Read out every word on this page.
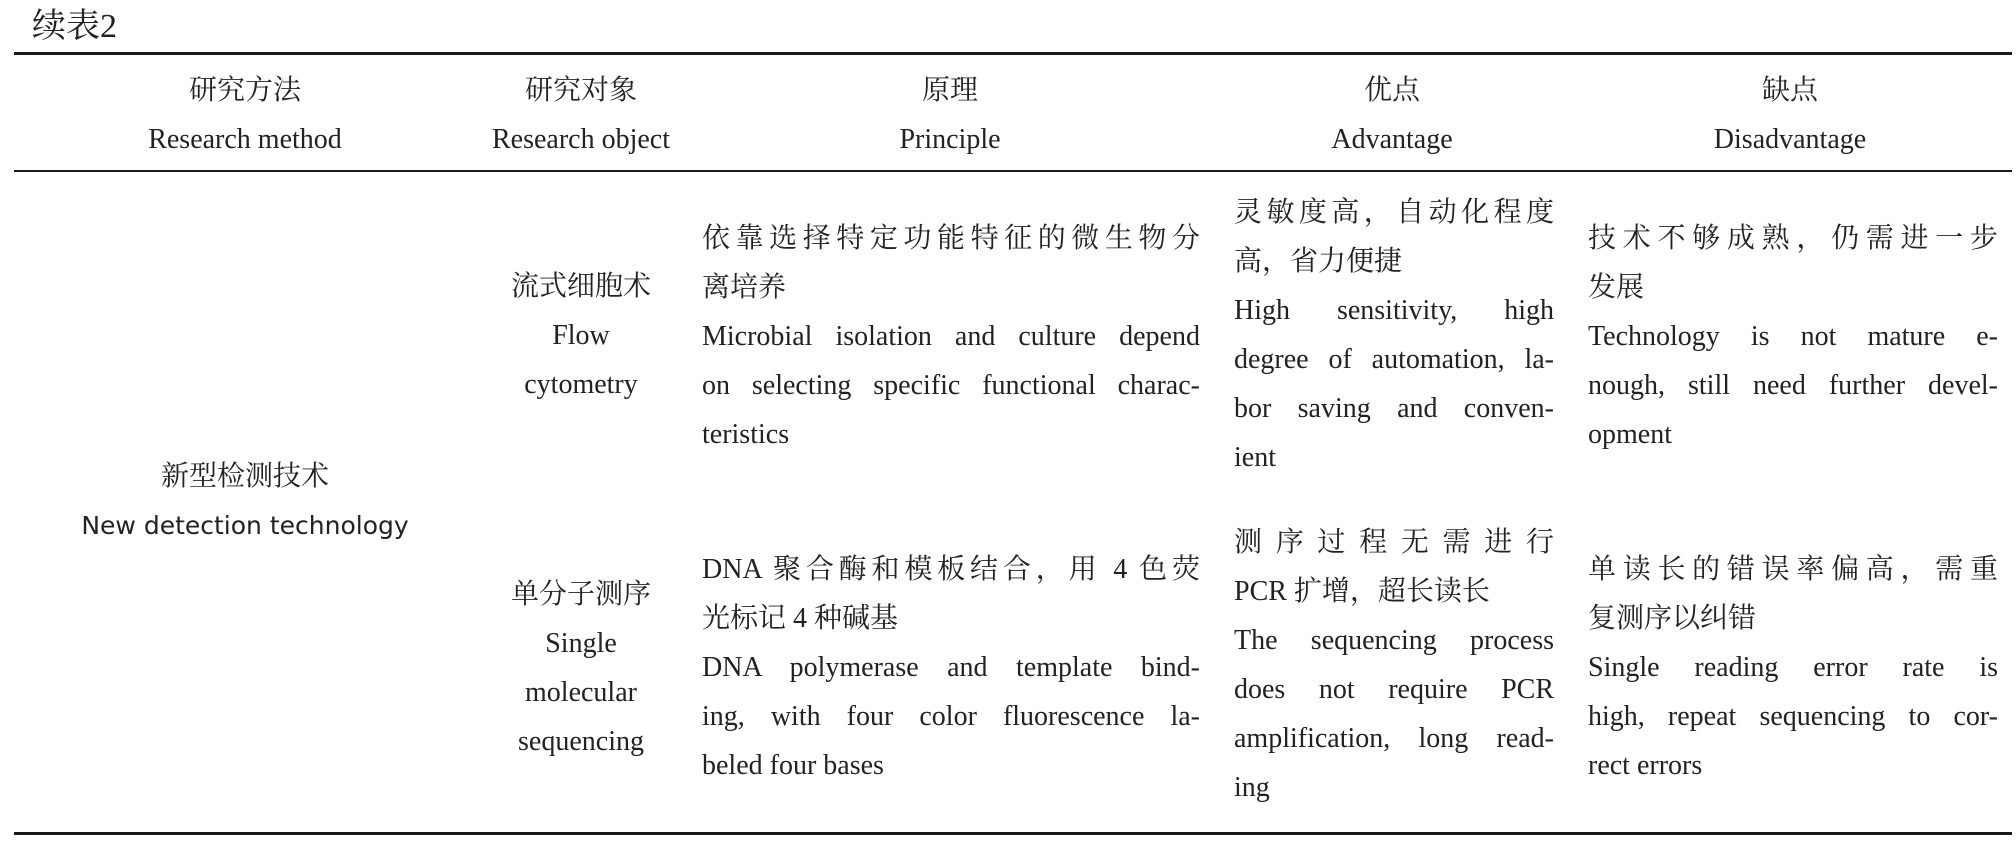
续表2
研究方法
Research method
研究对象
Research object
原理
Principle
优点
Advantage
缺点
Disadvantage
新型检测技术
New detection technology
流式细胞术
Flow
cytometry
依靠选择特定功能特征的微生物分
离培养
Microbial isolation and culture depend
on selecting specific functional charac-
teristics
灵敏度高，自动化程度
高，省力便捷
High sensitivity, high
degree of automation, la-
bor saving and conven-
ient
技术不够成熟，仍需进一步
发展
Technology is not mature e-
nough, still need further devel-
opment
单分子测序
Single
molecular
sequencing
DNA 聚合酶和模板结合，用 4 色荧
光标记 4 种碱基
DNA polymerase and template bind-
ing, with four color fluorescence la-
beled four bases
测序过程无需进行
PCR 扩增，超长读长
The sequencing process
does not require PCR
amplification, long read-
ing
单读长的错误率偏高，需重
复测序以纠错
Single reading error rate is
high, repeat sequencing to cor-
rect errors
